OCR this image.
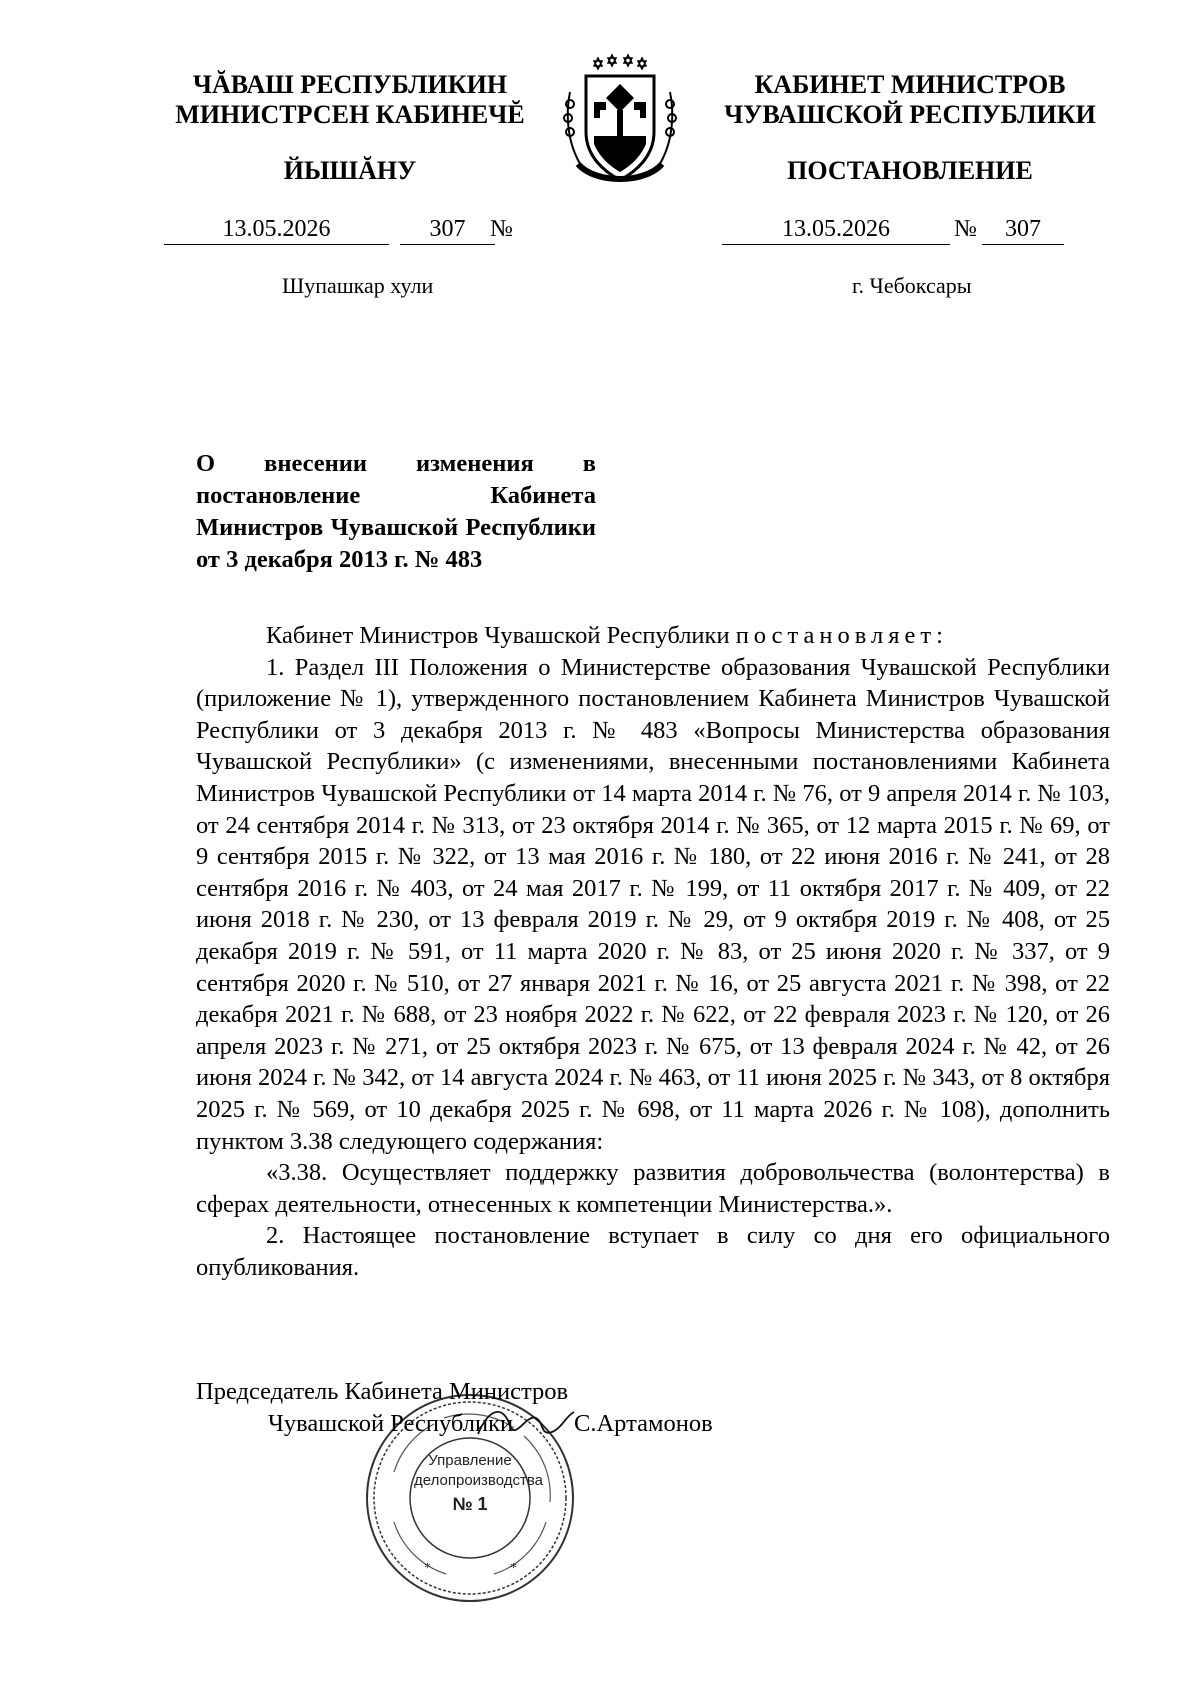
ЧĂВАШ РЕСПУБЛИКИН
МИНИСТРСЕН КАБИНЕЧĔ
ЙЫШĂНУ
КАБИНЕТ МИНИСТРОВ
ЧУВАШСКОЙ РЕСПУБЛИКИ
ПОСТАНОВЛЕНИЕ
13.05.2026	307	№	13.05.2026	№	307
Шупашкар хули	г. Чебоксары
О внесении изменения в постановление Кабинета Министров Чувашской Республики от 3 декабря 2013 г. № 483

Кабинет Министров Чувашской Республики постановляет:

1. Раздел III Положения о Министерстве образования Чувашской Республики (приложение № 1), утвержденного постановлением Кабинета Министров Чувашской Республики от 3 декабря 2013 г. № 483 «Вопросы Министерства образования Чувашской Республики» (с изменениями, внесенными постановлениями Кабинета Министров Чувашской Республики от 14 марта 2014 г. № 76, от 9 апреля 2014 г. № 103, от 24 сентября 2014 г. № 313, от 23 октября 2014 г. № 365, от 12 марта 2015 г. № 69, от 9 сентября 2015 г. № 322, от 13 мая 2016 г. № 180, от 22 июня 2016 г. № 241, от 28 сентября 2016 г. № 403, от 24 мая 2017 г. № 199, от 11 октября 2017 г. № 409, от 22 июня 2018 г. № 230, от 13 февраля 2019 г. № 29, от 9 октября 2019 г. № 408, от 25 декабря 2019 г. № 591, от 11 марта 2020 г. № 83, от 25 июня 2020 г. № 337, от 9 сентября 2020 г. № 510, от 27 января 2021 г. № 16, от 25 августа 2021 г. № 398, от 22 декабря 2021 г. № 688, от 23 ноября 2022 г. № 622, от 22 февраля 2023 г. № 120, от 26 апреля 2023 г. № 271, от 25 октября 2023 г. № 675, от 13 февраля 2024 г. № 42, от 26 июня 2024 г. № 342, от 14 августа 2024 г. № 463, от 11 июня 2025 г. № 343, от 8 октября 2025 г. № 569, от 10 декабря 2025 г. № 698, от 11 марта 2026 г. № 108), дополнить пунктом 3.38 следующего содержания:

«3.38. Осуществляет поддержку развития добровольчества (волонтерства) в сферах деятельности, отнесенных к компетенции Министерства.».

2. Настоящее постановление вступает в силу со дня его официального опубликования.

*	*
Управление
делопроизводства
№ 1
Председатель Кабинета Министров
Чувашской Республики С.Артамонов
